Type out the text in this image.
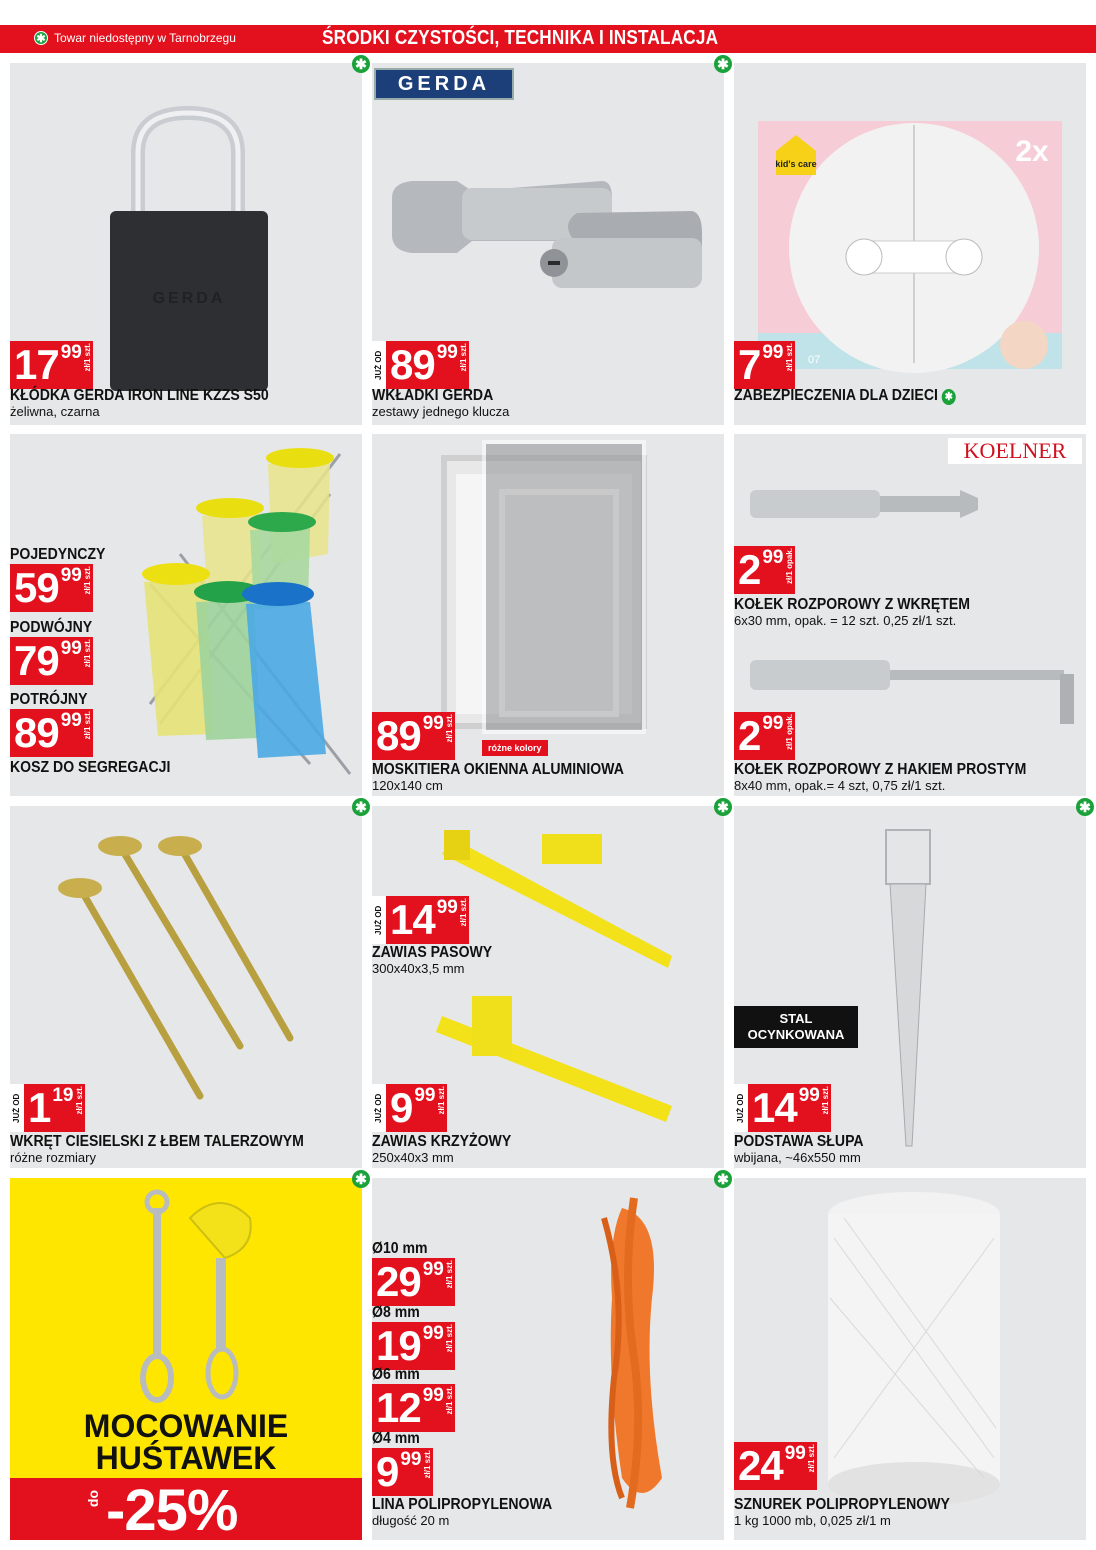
✱ Towar niedostępny w Tarnobrzegu	ŚRODKI CZYSTOŚCI, TECHNIKA I INSTALACJA
✱
GERDA
17 99 zł/1 szt.
KŁÓDKA GERDA IRON LINE KZZS S50
żeliwna, czarna
✱
GERDA
JUŻ OD 89 99 zł/1 szt.
WKŁADKI GERDA
zestawy jednego klucza
kid's care	2x
07
7 99 zł/1 szt.
ZABEZPIECZENIA DLA DZIECI ✱
POJEDYNCZY
59 99 zł/1 szt.
PODWÓJNY
79 99 zł/1 szt.
POTRÓJNY
89 99 zł/1 szt.
KOSZ DO SEGREGACJI
89 99 zł/1 szt.
różne kolory
MOSKITIERA OKIENNA ALUMINIOWA
120x140 cm
KOELNER
2 99 zł/1 opak.
KOŁEK ROZPOROWY Z WKRĘTEM
6x30 mm, opak. = 12 szt. 0,25 zł/1 szt.
2 99 zł/1 opak.
KOŁEK ROZPOROWY Z HAKIEM PROSTYM
8x40 mm, opak.= 4 szt, 0,75 zł/1 szt.
✱
JUŻ OD 1 19 zł/1 szt.
WKRĘT CIESIELSKI Z ŁBEM TALERZOWYM
różne rozmiary
✱
JUŻ OD 14 99 zł/1 szt.
ZAWIAS PASOWY
300x40x3,5 mm
JUŻ OD 9 99 zł/1 szt.
ZAWIAS KRZYŻOWY
250x40x3 mm
✱
STAL
OCYNKOWANA
JUŻ OD 14 99 zł/1 szt.
PODSTAWA SŁUPA
wbijana, ~46x550 mm
✱
MOCOWANIE
HUŚTAWEK
do -25%
✱
Ø10 mm
29 99 zł/1 szt.
Ø8 mm
19 99 zł/1 szt.
Ø6 mm
12 99 zł/1 szt.
Ø4 mm
9 99 zł/1 szt.
LINA POLIPROPYLENOWA
długość 20 m
24 99 zł/1 szt.
SZNUREK POLIPROPYLENOWY
1 kg 1000 mb, 0,025 zł/1 m
